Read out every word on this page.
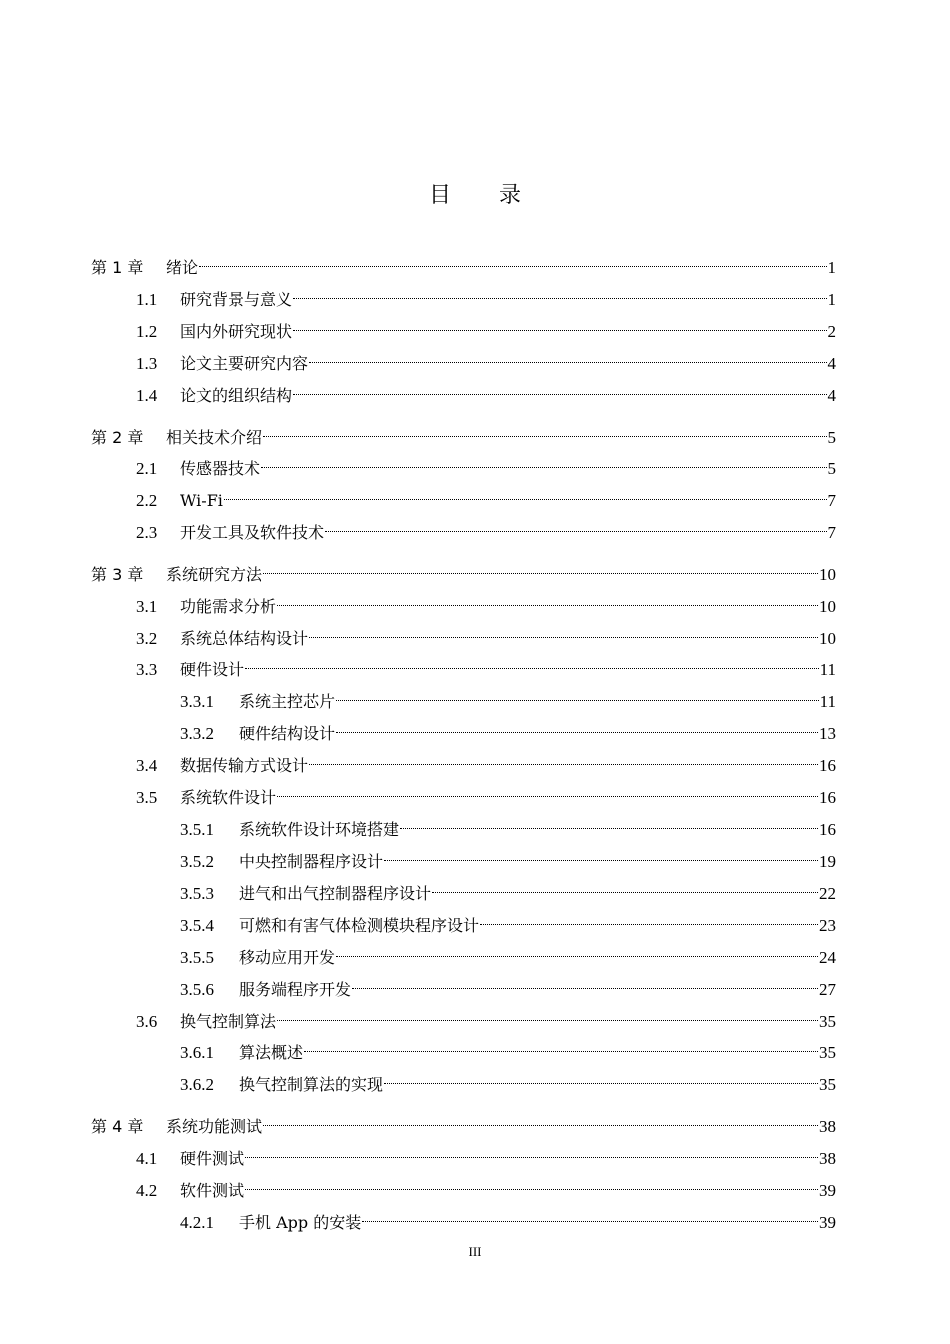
目 录
第 1 章	绪论	1
1.1	研究背景与意义	1
1.2	国内外研究现状	2
1.3	论文主要研究内容	4
1.4	论文的组织结构	4
第 2 章	相关技术介绍	5
2.1	传感器技术	5
2.2	Wi-Fi	7
2.3	开发工具及软件技术	7
第 3 章	系统研究方法	10
3.1	功能需求分析	10
3.2	系统总体结构设计	10
3.3	硬件设计	11
3.3.1	系统主控芯片	11
3.3.2	硬件结构设计	13
3.4	数据传输方式设计	16
3.5	系统软件设计	16
3.5.1	系统软件设计环境搭建	16
3.5.2	中央控制器程序设计	19
3.5.3	进气和出气控制器程序设计	22
3.5.4	可燃和有害气体检测模块程序设计	23
3.5.5	移动应用开发	24
3.5.6	服务端程序开发	27
3.6	换气控制算法	35
3.6.1	算法概述	35
3.6.2	换气控制算法的实现	35
第 4 章	系统功能测试	38
4.1	硬件测试	38
4.2	软件测试	39
4.2.1	手机 App 的安装	39
III
